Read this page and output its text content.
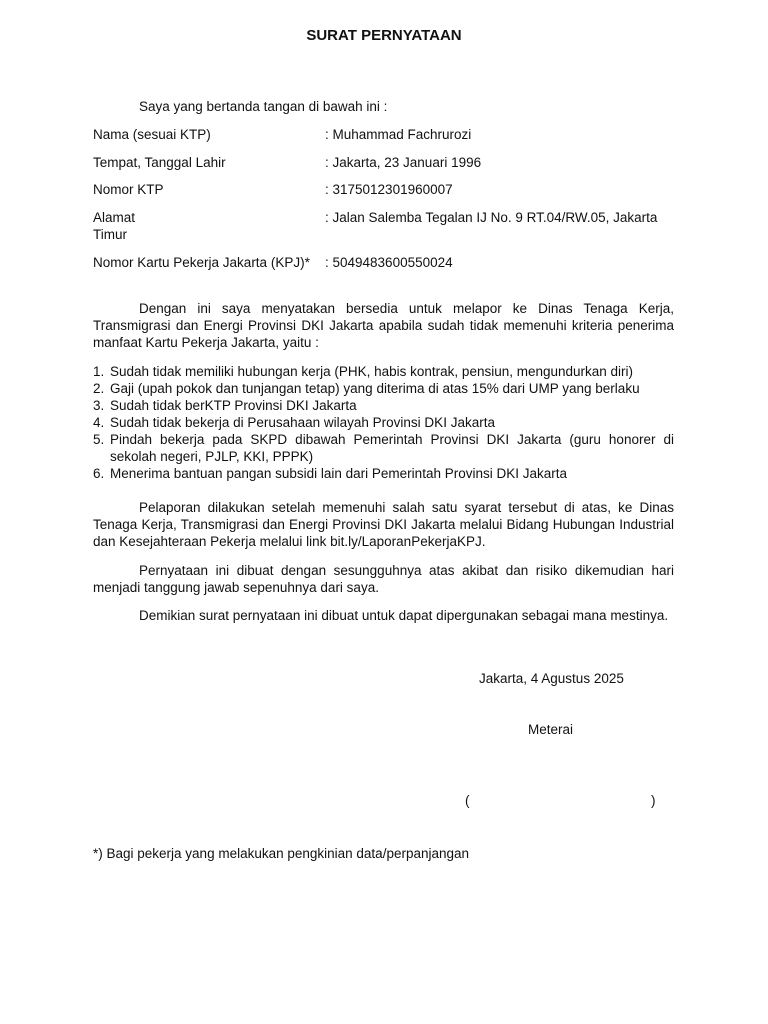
SURAT PERNYATAAN
Saya yang bertanda tangan di bawah ini :
Nama (sesuai KTP)	: Muhammad Fachrurozi
Tempat, Tanggal Lahir	: Jakarta, 23 Januari 1996
Nomor KTP	: 3175012301960007
Alamat	: Jalan Salemba Tegalan IJ No. 9 RT.04/RW.05, Jakarta
Timur
Nomor Kartu Pekerja Jakarta (KPJ)* : 5049483600550024
Dengan ini saya menyatakan bersedia untuk melapor ke Dinas Tenaga Kerja, Transmigrasi dan Energi Provinsi DKI Jakarta apabila sudah tidak memenuhi kriteria penerima manfaat Kartu Pekerja Jakarta, yaitu :
1. Sudah tidak memiliki hubungan kerja (PHK, habis kontrak, pensiun, mengundurkan diri)
2. Gaji (upah pokok dan tunjangan tetap) yang diterima di atas 15% dari UMP yang berlaku
3. Sudah tidak berKTP Provinsi DKI Jakarta
4. Sudah tidak bekerja di Perusahaan wilayah Provinsi DKI Jakarta
5. Pindah bekerja pada SKPD dibawah Pemerintah Provinsi DKI Jakarta (guru honorer di sekolah negeri, PJLP, KKI, PPPK)
6. Menerima bantuan pangan subsidi lain dari Pemerintah Provinsi DKI Jakarta
Pelaporan dilakukan setelah memenuhi salah satu syarat tersebut di atas, ke Dinas Tenaga Kerja, Transmigrasi dan Energi Provinsi DKI Jakarta melalui Bidang Hubungan Industrial dan Kesejahteraan Pekerja melalui link bit.ly/LaporanPekerjaKPJ.
Pernyataan ini dibuat dengan sesungguhnya atas akibat dan risiko dikemudian hari menjadi tanggung jawab sepenuhnya dari saya.
Demikian surat pernyataan ini dibuat untuk dapat dipergunakan sebagai mana mestinya.
Jakarta, 4 Agustus 2025
Meterai
(	)
*) Bagi pekerja yang melakukan pengkinian data/perpanjangan
